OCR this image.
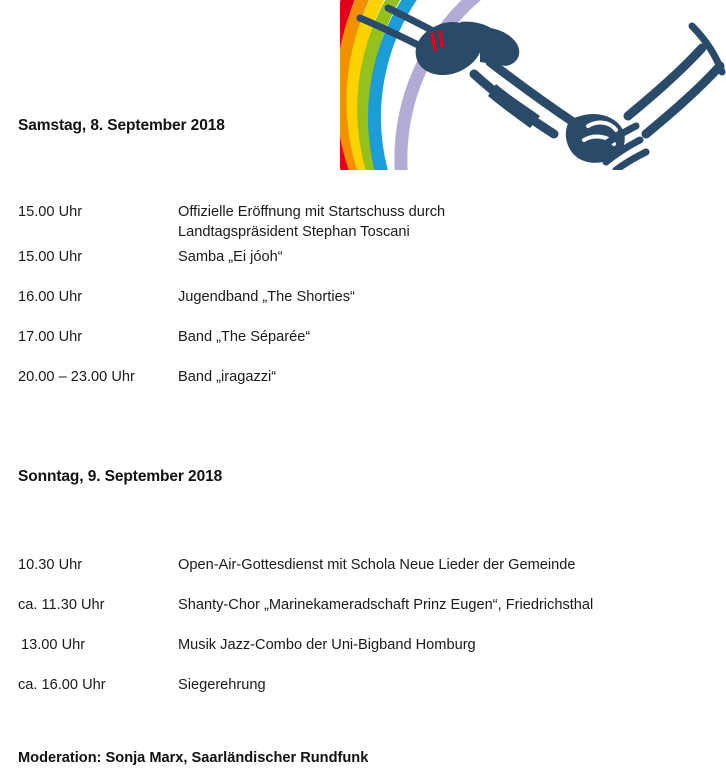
Samstag, 8. September 2018
15.00 Uhr	Offizielle Eröffnung mit Startschuss durch
Landtagspräsident Stephan Toscani
15.00 Uhr	Samba „Ei jóoh“
16.00 Uhr	Jugendband „The Shorties“
17.00 Uhr	Band „The Séparée“
20.00 – 23.00 Uhr	Band „iragazzi“
Sonntag, 9. September 2018
10.30 Uhr	Open-Air-Gottesdienst mit Schola Neue Lieder der Gemeinde
ca. 11.30 Uhr	Shanty-Chor „Marinekameradschaft Prinz Eugen“, Friedrichsthal
13.00 Uhr	Musik Jazz-Combo der Uni-Bigband Homburg
ca. 16.00 Uhr	Siegerehrung
Moderation: Sonja Marx, Saarländischer Rundfunk
